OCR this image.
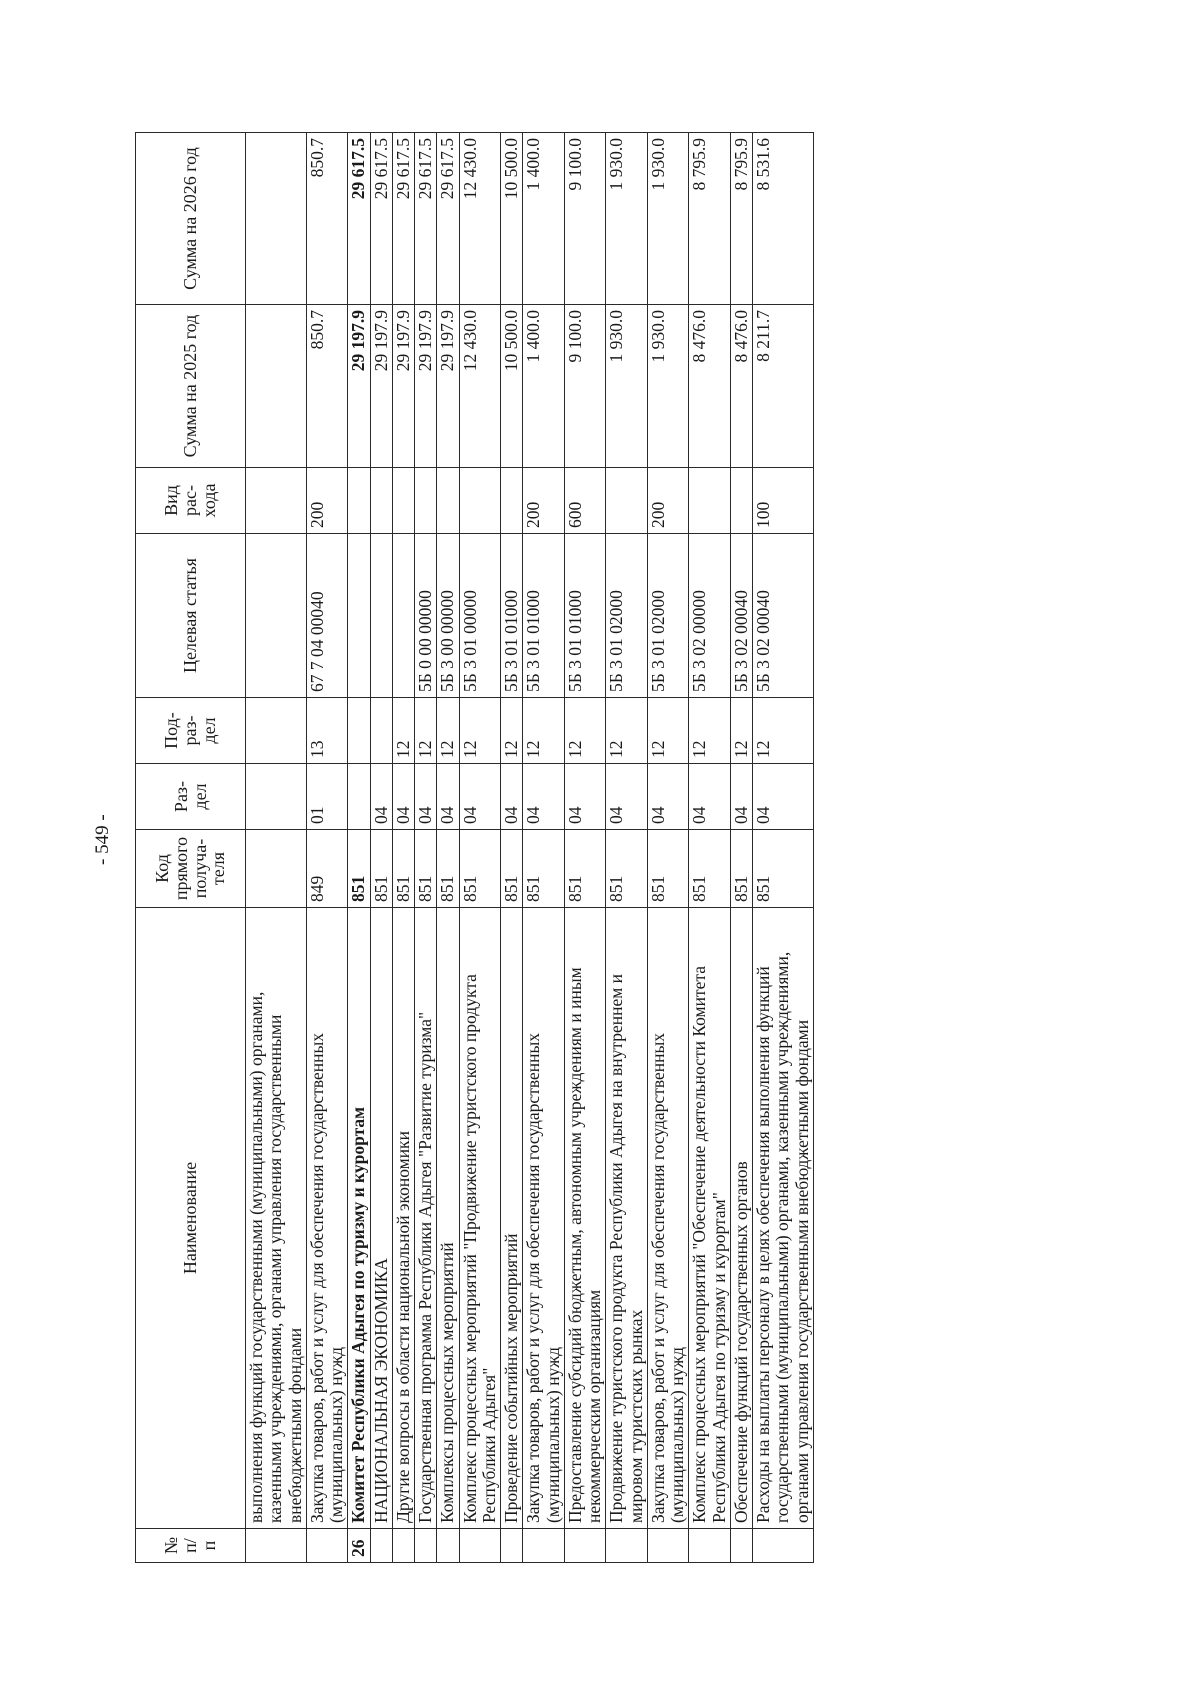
- 549 -
№ п/п	Наименование	Код прямого получа- теля	Раз- дел	Под- раз- дел	Целевая статья	Вид рас- хода	Сумма на 2025 год	Сумма на 2026 год
	выполнения функций государственными (муниципальными) органами, казенными учреждениями, органами управления государственными внебюджетными фондами							
	Закупка товаров, работ и услуг для обеспечения государственных (муниципальных) нужд	849	01	13	67 7 04 00040	200	850.7	850.7
26	Комитет Республики Адыгея по туризму и курортам	851					29 197.9	29 617.5
	НАЦИОНАЛЬНАЯ ЭКОНОМИКА	851	04				29 197.9	29 617.5
	Другие вопросы в области национальной экономики	851	04	12			29 197.9	29 617.5
	Государственная программа Республики Адыгея "Развитие туризма"	851	04	12	5Б 0 00 00000		29 197.9	29 617.5
	Комплексы процессных мероприятий	851	04	12	5Б 3 00 00000		29 197.9	29 617.5
	Комплекс процессных мероприятий "Продвижение туристского продукта Республики Адыгея"	851	04	12	5Б 3 01 00000		12 430.0	12 430.0
	Проведение событийных мероприятий	851	04	12	5Б 3 01 01000		10 500.0	10 500.0
	Закупка товаров, работ и услуг для обеспечения государственных (муниципальных) нужд	851	04	12	5Б 3 01 01000	200	1 400.0	1 400.0
	Предоставление субсидий бюджетным, автономным учреждениям и иным некоммерческим организациям	851	04	12	5Б 3 01 01000	600	9 100.0	9 100.0
	Продвижение туристского продукта Республики Адыгея на внутреннем и мировом туристских рынках	851	04	12	5Б 3 01 02000		1 930.0	1 930.0
	Закупка товаров, работ и услуг для обеспечения государственных (муниципальных) нужд	851	04	12	5Б 3 01 02000	200	1 930.0	1 930.0
	Комплекс процессных мероприятий "Обеспечение деятельности Комитета Республики Адыгея по туризму и курортам"	851	04	12	5Б 3 02 00000		8 476.0	8 795.9
	Обеспечение функций государственных органов	851	04	12	5Б 3 02 00040		8 476.0	8 795.9
	Расходы на выплаты персоналу в целях обеспечения выполнения функций государственными (муниципальными) органами, казенными учреждениями, органами управления государственными внебюджетными фондами	851	04	12	5Б 3 02 00040	100	8 211.7	8 531.6
